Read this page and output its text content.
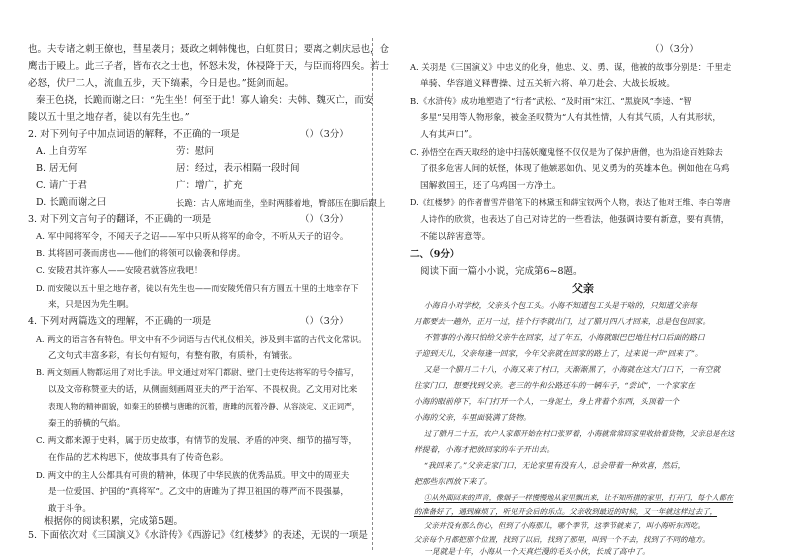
也。夫专诸之刺王僚也，彗星袭月；聂政之刺韩傀也，白虹贯日；要离之刺庆忌也，仓
鹰击于殿上。此三子者，皆布衣之士也，怀怒未发，休祲降于天，与臣而将四矣。若士
必怒，伏尸二人，流血五步，天下缟素，今日是也。”挺剑而起。
秦王色挠，长跪而谢之曰：“先生坐！何至于此！寡人谕矣：夫韩、魏灭亡，而安
陵以五十里之地存者，徒以有先生也。”
2. 对下列句子中加点词语的解释，不正确的一项是	（）（3分）
A. 上自劳军	劳：慰问
B. 居无何	居：经过，表示相隔一段时间
C. 请广于君	广：增广，扩充
D. 长跪而谢之曰	长跪：古人席地而坐，坐时两膝着地，臀部压在脚后跟上
3. 对下列文言句子的翻译，不正确的一项是	（）（3分）
A. 军中闻将军令，不闻天子之诏——军中只听从将军的命令，不听从天子的诏令。
B. 其将固可袭而虏也——他们的将领可以偷袭和俘虏。
C. 安陵君其许寡人——安陵君就答应我吧！
D. 而安陵以五十里之地存者，徒以有先生也——而安陵凭借只有方圆五十里的土地幸存下
来，只是因为先生啊。
4. 下列对两篇选文的理解，不正确的一项是	（）（3分）
A. 两文的语言各有特色。甲文中有不少词语与古代礼仪相关，涉及到丰富的古代文化常识。
乙文句式丰富多彩，有长句有短句，有整有散，有质朴，有铺张。
B. 两文刻画人物都运用了对比手法。甲文通过对军门都尉、壁门士吏传达将军的号令描写，
以及文帝称赞亚夫的话，从侧面刻画周亚夫的严于治军、不畏权贵。乙文用对比来
表现人物的精神面貌，如秦王的骄横与唐雎的沉着，唐雎的沉着冷静、从容淡定、义正词严，
秦王的骄横的气焰。
C. 两文都来源于史料，属于历史故事，有情节的发展、矛盾的冲突、细节的描写等，
在作品的艺术构思下，使故事具有了传奇色彩。
D. 两文中的主人公都具有可贵的精神，体现了中华民族的优秀品质。甲文中的周亚夫
是一位爱国、护国的“真将军”。乙文中的唐雎为了捍卫祖国的尊严而不畏强暴，
敢于斗争。
根据你的阅读积累，完成第5题。
5. 下面依次对《三国演义》《水浒传》《西游记》《红楼梦》的表述，无误的一项是
（）（3分）
A. 关羽是《三国演义》中忠义的化身，他忠、义、勇、谋，他被的故事分别是：千里走
单骑、华容道义释曹操、过五关斩六将、单刀赴会、大战长坂坡。
B.《水浒传》成功地塑造了“行者”武松、“及时雨”宋江、“黑旋风”李逵、“智
多星”吴用等人物形象，被金圣叹赞为“人有其性情，人有其气质，人有其形状，
人有其声口”。
C. 孙悟空在西天取经的途中扫荡妖魔鬼怪不仅仅是为了保护唐僧，也为沿途百姓除去
了很多危害人间的妖怪，体现了他嫉恶如仇、见义勇为的英雄本色。例如他在乌鸡
国解救国王，还了乌鸡国一方净土。
D.《红楼梦》的作者曹雪芹借笔下的林黛玉和薛宝钗两个人物，表达了他对王维、李白等唐
人诗作的欣赏，也表达了自己对诗艺的一些看法，他强调诗要有新意，要有真情，
不能以辞害意等。
二、（9分）
阅读下面一篇小小说，完成第6~8题。
父亲
小海自小对学校，父亲头个包工头。小海不知道包工头是干啥的，只知道父亲每
月都要去一趟外，正月一过，挂个行李就出门，过了腊月四八才回来，总是包包回家。
不管事的小海只怕给父亲牛在回家，过了年五，小海就眼巴巴地往村口后面的路口
子迎到天儿，父亲每逢一回家，今年父亲就在回家的路上了，过来说一声“回来了”。
又是一个腊月二十八，小海又来了村口，天渐渐黑了，小海就在这大门口下，一有空就
往家门口，想要找到父亲。老三的牛和公路还车的一辆车子，“尝试”，一个家家在
小海的眼前停下，车门打开一个人，一身泥土，身上背着个东西，头顶着一个
小海的父亲，车里面装满了货物。
过了腊月二十五，农户人家都开始在村口张罗着，小海就常常回家里收拾着货物，父亲总是在这
样提着，小海才把放回家的车子开出去。
“我回来了。”父亲走家门口，无论家里有没有人，总会带着一种欢喜，然后，
把那些东西放下来了。
①从外面回来的声音，像烟子一样慢慢地从家里飘出来，让不知所措的家里，打开门，每个人都在
的准备好了，遇到麻烦了，听见开会后的乐点。父亲收到最近的时候，又一年就这样过去了，
父亲并没有那么伤心，但到了小海那儿，哪个季节，这季节就来了，叫小海听东西吃。
父亲每个月都把那个位置，找到了以后，找到了那里，叫到一个不去，找到了不同的地方。
一晃就是十年，小海从一个天真烂漫的毛头小伙，长成了高中了。
